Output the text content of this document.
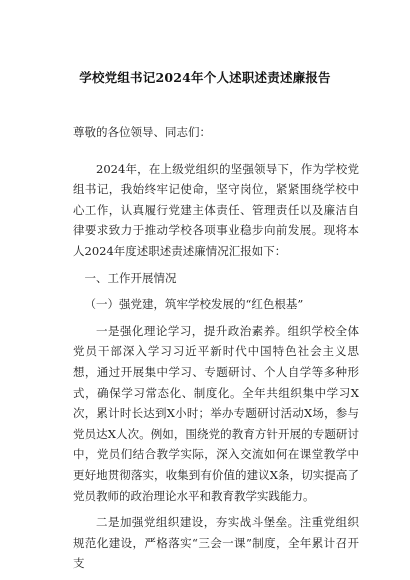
学校党组书记2024年个人述职述责述廉报告

尊敬的各位领导、同志们：

2024年，在上级党组织的坚强领导下，作为学校党组书记，我始终牢记使命，坚守岗位，紧紧围绕学校中心工作，认真履行党建主体责任、管理责任以及廉洁自律要求致力于推动学校各项事业稳步向前发展。现将本人2024年度述职述责述廉情况汇报如下：

一、工作开展情况

（一）强党建，筑牢学校发展的“红色根基”

一是强化理论学习，提升政治素养。组织学校全体党员干部深入学习习近平新时代中国特色社会主义思想，通过开展集中学习、专题研讨、个人自学等多种形式，确保学习常态化、制度化。全年共组织集中学习X次，累计时长达到X小时；举办专题研讨活动X场，参与党员达X人次。例如，围绕党的教育方针开展的专题研讨中，党员们结合教学实际，深入交流如何在课堂教学中更好地贯彻落实，收集到有价值的建议X条，切实提高了党员教师的政治理论水平和教育教学实践能力。

二是加强党组织建设，夯实战斗堡垒。注重党组织规范化建设，严格落实“三会一课”制度，全年累计召开支
